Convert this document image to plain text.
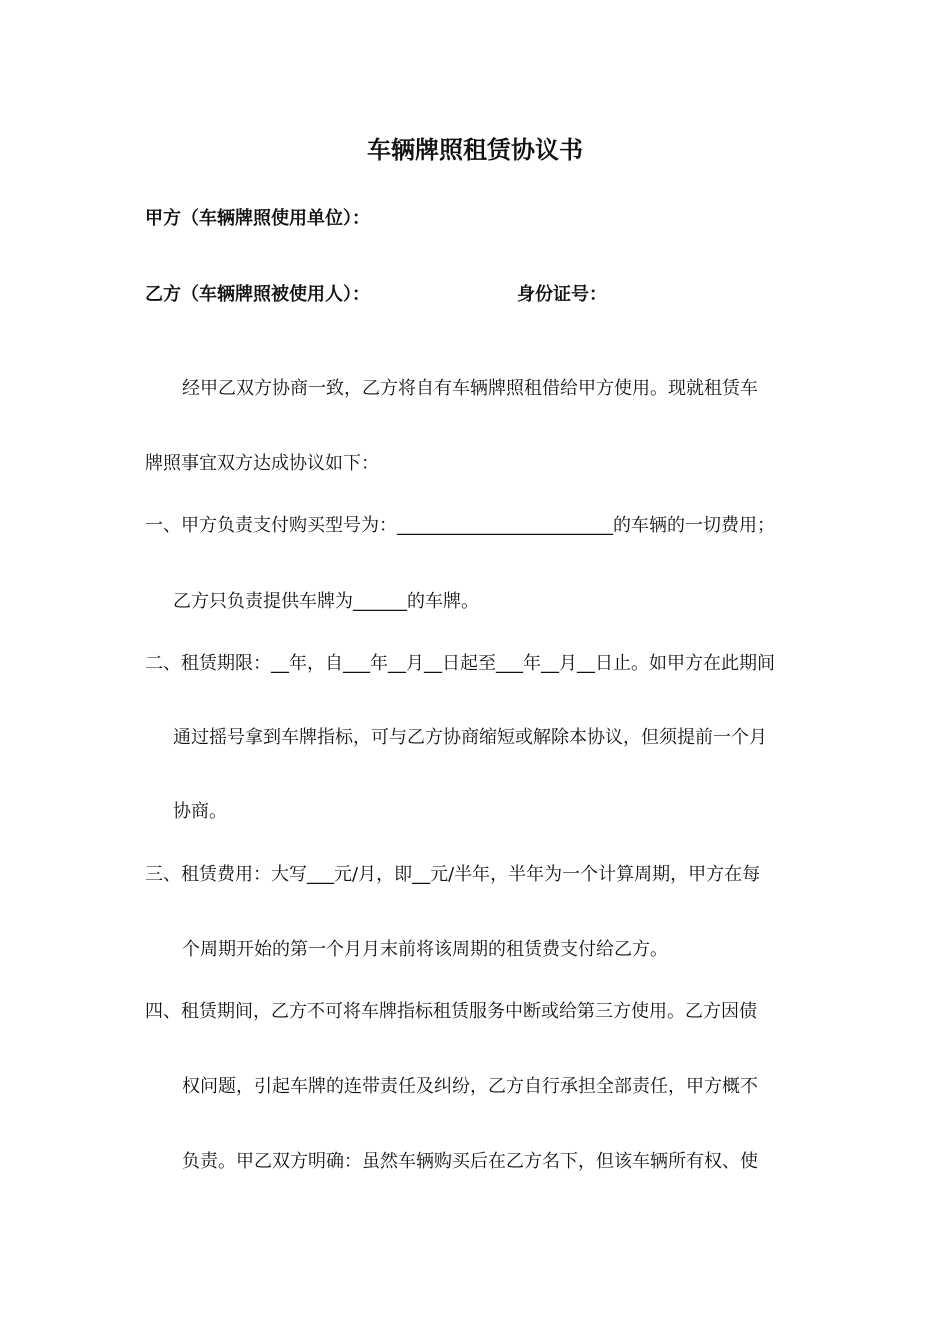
车辆牌照租赁协议书
甲方（车辆牌照使用单位）：
乙方（车辆牌照被使用人）：	身份证号：
经甲乙双方协商一致，乙方将自有车辆牌照租借给甲方使用。现就租赁车
牌照事宜双方达成协议如下：
一、甲方负责支付购买型号为：________________________的车辆的一切费用；
乙方只负责提供车牌为______的车牌。
二、租赁期限：__年，自___年__月__日起至___年__月__日止。如甲方在此期间
通过摇号拿到车牌指标，可与乙方协商缩短或解除本协议，但须提前一个月
协商。
三、租赁费用：大写___元/月，即__元/半年，半年为一个计算周期，甲方在每
个周期开始的第一个月月末前将该周期的租赁费支付给乙方。
四、租赁期间，乙方不可将车牌指标租赁服务中断或给第三方使用。乙方因债
权问题，引起车牌的连带责任及纠纷，乙方自行承担全部责任，甲方概不
负责。甲乙双方明确：虽然车辆购买后在乙方名下，但该车辆所有权、使
